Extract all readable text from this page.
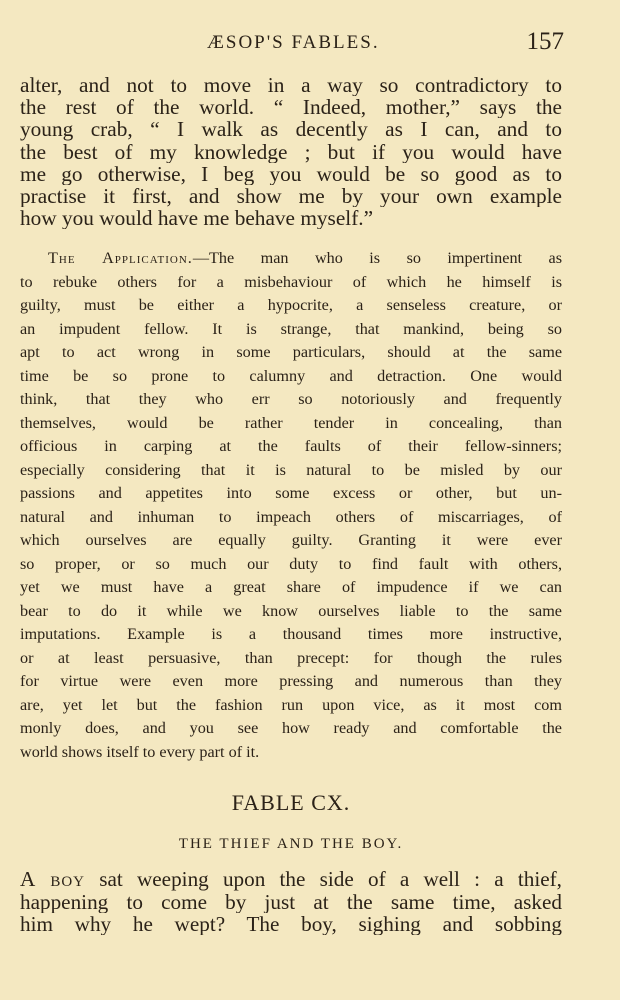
ÆSOP'S FABLES.	157
alter, and not to move in a way so contradictory to
the rest of the world. “ Indeed, mother,” says the
young crab, “ I walk as decently as I can, and to
the best of my knowledge ; but if you would have
me go otherwise, I beg you would be so good as to
practise it first, and show me by your own example
how you would have me behave myself.”
The Application.—The man who is so impertinent as
to rebuke others for a misbehaviour of which he himself is
guilty, must be either a hypocrite, a senseless creature, or
an impudent fellow. It is strange, that mankind, being so
apt to act wrong in some particulars, should at the same
time be so prone to calumny and detraction. One would
think, that they who err so notoriously and frequently
themselves, would be rather tender in concealing, than
officious in carping at the faults of their fellow-sinners;
especially considering that it is natural to be misled by our
passions and appetites into some excess or other, but un-
natural and inhuman to impeach others of miscarriages, of
which ourselves are equally guilty. Granting it were ever
so proper, or so much our duty to find fault with others,
yet we must have a great share of impudence if we can
bear to do it while we know ourselves liable to the same
imputations. Example is a thousand times more instructive,
or at least persuasive, than precept: for though the rules
for virtue were even more pressing and numerous than they
are, yet let but the fashion run upon vice, as it most com
monly does, and you see how ready and comfortable the
world shows itself to every part of it.
FABLE CX.
THE THIEF AND THE BOY.
A boy sat weeping upon the side of a well : a thief,
happening to come by just at the same time, asked
him why he wept? The boy, sighing and sobbing
